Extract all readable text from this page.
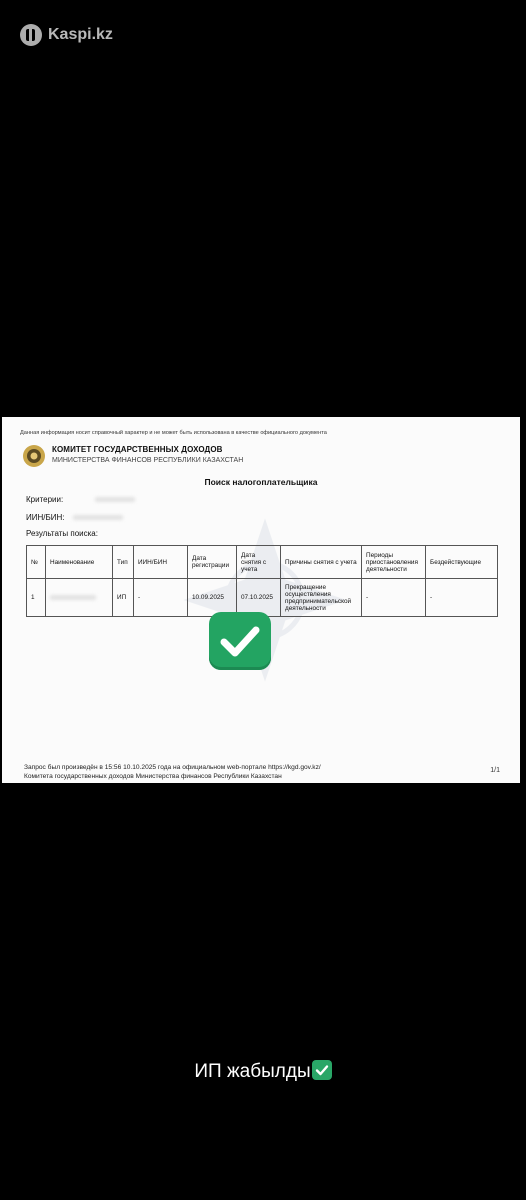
Kaspi.kz
Данная информация носит справочный характер и не может быть использована в качестве официального документа
КОМИТЕТ ГОСУДАРСТВЕННЫХ ДОХОДОВ
МИНИСТЕРСТВА ФИНАНСОВ РЕСПУБЛИКИ КАЗАХСТАН
Поиск налогоплательщика
Критерии:
ИИН/БИН:
Результаты поиска:
№	Наименование	Тип	ИИН/БИН	Дата регистрации	Дата снятия с учета	Причины снятия с учета	Периоды приостановления деятельности	Бездействующие
1		ИП	-	10.09.2025	07.10.2025	Прекращение осуществления предпринимательской деятельности	-	-
Запрос был произведён в 15:56 10.10.2025 года на официальном web-портале https://kgd.gov.kz/
Комитета государственных доходов Министерства финансов Республики Казахстан
1/1
ИП жабылды
